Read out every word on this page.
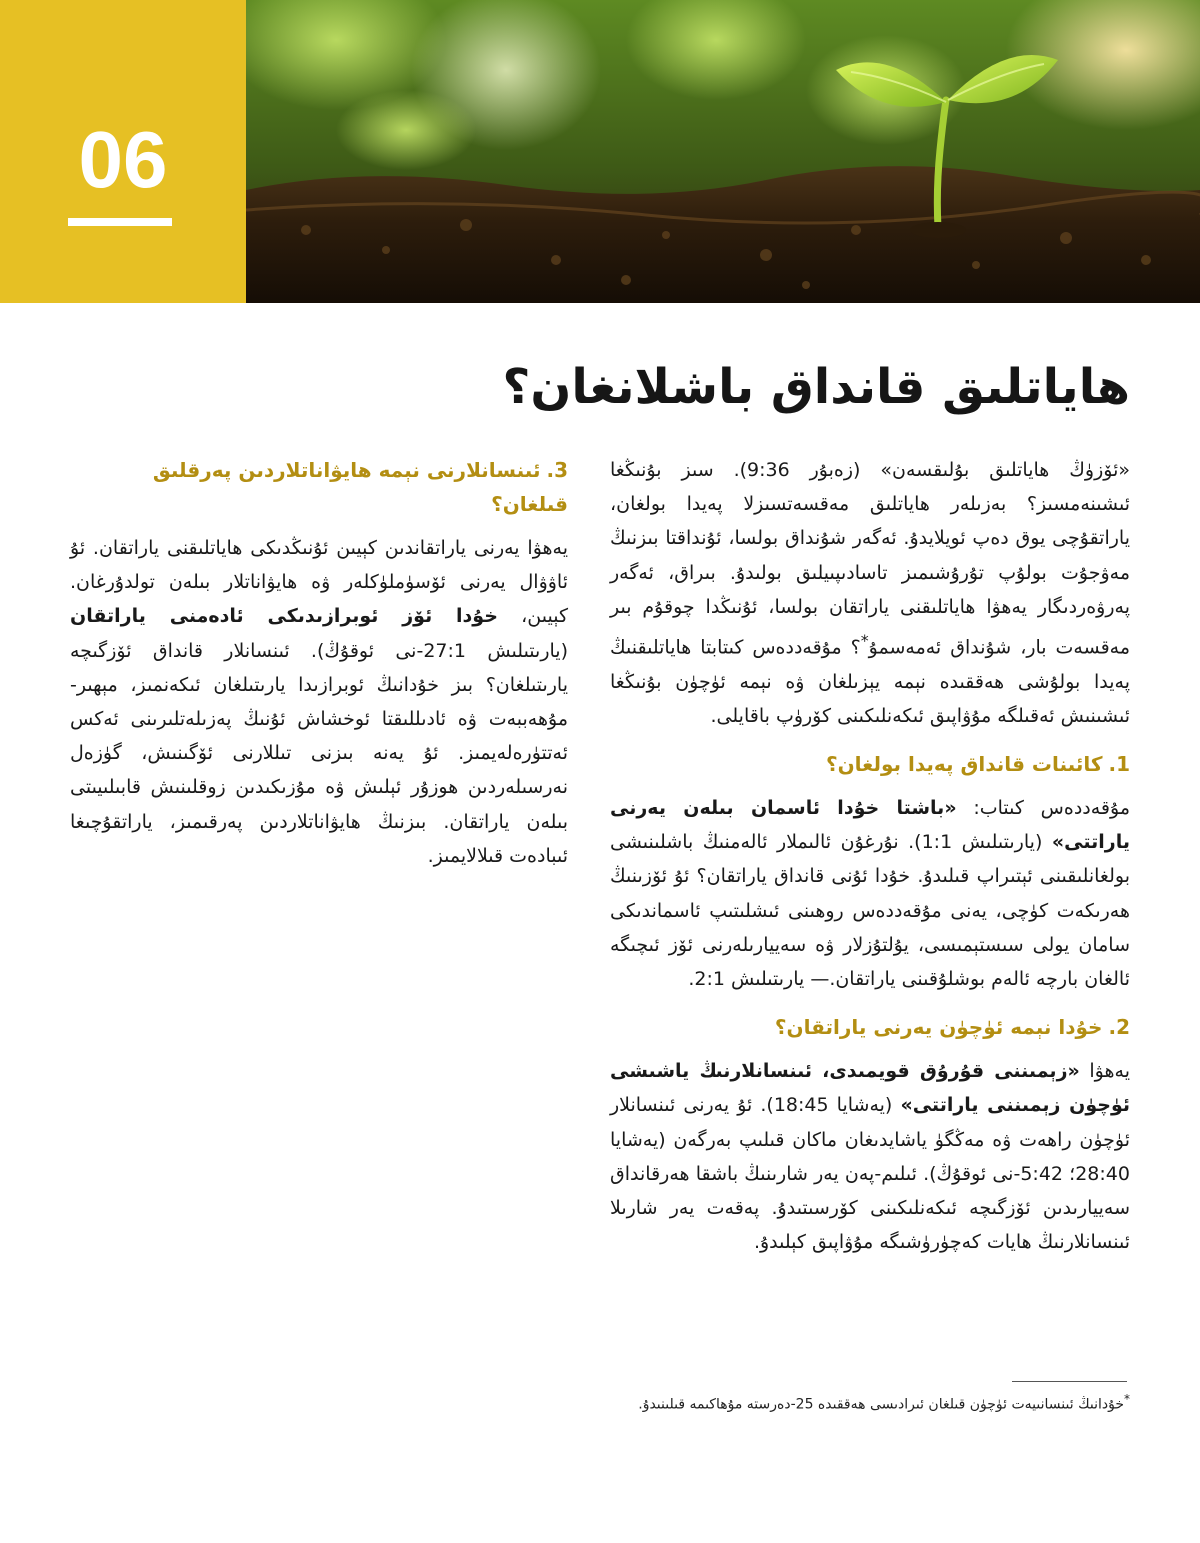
06
ھاياتلىق قانداق باشلانغان؟

«ئۆزۈڭ ھاياتلىق بۇلىقسەن» (زەبۇر 9:36). سىز بۇنىڭغا ئىشىنەمسىز؟ بەزىلەر ھاياتلىق مەقسەتسىزلا پەيدا بولغان، ياراتقۇچى يوق دەپ ئويلايدۇ. ئەگەر شۇنداق بولسا، ئۇنداقتا بىزنىڭ مەۋجۇت بولۇپ تۇرۇشىمىز تاسادىپىيلىق بولىدۇ. بىراق، ئەگەر پەرۋەردىگار يەھۋا ھاياتلىقنى ياراتقان بولسا، ئۇنىڭدا چوقۇم بىر مەقسەت بار، شۇنداق ئەمەسمۇ*؟ مۇقەددەس كىتابتا ھاياتلىقنىڭ پەيدا بولۇشى ھەققىدە نېمە يېزىلغان ۋە نېمە ئۈچۈن بۇنىڭغا ئىشىنىش ئەقىلگە مۇۋاپىق ئىكەنلىكىنى كۆرۈپ باقايلى.

1.كائىنات قانداق پەيدا بولغان؟

مۇقەددەس كىتاب: «باشتا خۇدا ئاسمان بىلەن يەرنى ياراتتى» (يارىتىلىش 1:1). نۇرغۇن ئالىملار ئالەمنىڭ باشلىنىشى بولغانلىقىنى ئېتىراپ قىلىدۇ. خۇدا ئۇنى قانداق ياراتقان؟ ئۇ ئۆزىنىڭ ھەرىكەت كۈچى، يەنى مۇقەددەس روھىنى ئىشلىتىپ ئاسماندىكى سامان يولى سىستېمىسى، يۇلتۇزلار ۋە سەييارىلەرنى ئۆز ئىچىگە ئالغان بارچە ئالەم بوشلۇقىنى ياراتقان.— يارىتىلىش 2:1.

2.خۇدا نېمە ئۈچۈن يەرنى ياراتقان؟

يەھۋا «زېمىننى قۇرۇق قويمىدى، ئىنسانلارنىڭ ياشىشى ئۈچۈن زېمىننى ياراتتى» (يەشايا 18:45). ئۇ يەرنى ئىنسانلار ئۈچۈن راھەت ۋە مەڭگۈ ياشايدىغان ماكان قىلىپ بەرگەن (يەشايا 28:40؛ 5:42-نى ئوقۇڭ). ئىلىم-پەن يەر شارىنىڭ باشقا ھەرقانداق سەييارىدىن ئۆزگىچە ئىكەنلىكىنى كۆرسىتىدۇ. پەقەت يەر شارىلا ئىنسانلارنىڭ ھايات كەچۈرۈشىگە مۇۋاپىق كېلىدۇ.

3.ئىنسانلارنى نېمە ھايۋاناتلاردىن پەرقلىق قىلغان؟

يەھۋا يەرنى ياراتقاندىن كېيىن ئۇنىڭدىكى ھاياتلىقنى ياراتقان. ئۇ ئاۋۋال يەرنى ئۆسۈملۈكلەر ۋە ھايۋاناتلار بىلەن تولدۇرغان. كېيىن، خۇدا ئۆز ئوبرازىدىكى ئادەمنى ياراتقان (يارىتىلىش 27:1-نى ئوقۇڭ). ئىنسانلار قانداق ئۆزگىچە يارىتىلغان؟ بىز خۇدانىڭ ئوبرازىدا يارىتىلغان ئىكەنمىز، مېھىر-مۇھەببەت ۋە ئادىللىقتا ئوخشاش ئۇنىڭ پەزىلەتلىرىنى ئەكس ئەتتۈرەلەيمىز. ئۇ يەنە بىزنى تىللارنى ئۆگىنىش، گۈزەل نەرسىلەردىن ھوزۇر ئېلىش ۋە مۇزىكىدىن زوقلىنىش قابىلىيىتى بىلەن ياراتقان. بىزنىڭ ھايۋاناتلاردىن پەرقىمىز، ياراتقۇچىغا ئىبادەت قىلالايمىز.

*خۇدانىڭ ئىنسانىيەت ئۈچۈن قىلغان ئىرادىسى ھەققىدە 25-دەرستە مۇھاكىمە قىلىنىدۇ.
